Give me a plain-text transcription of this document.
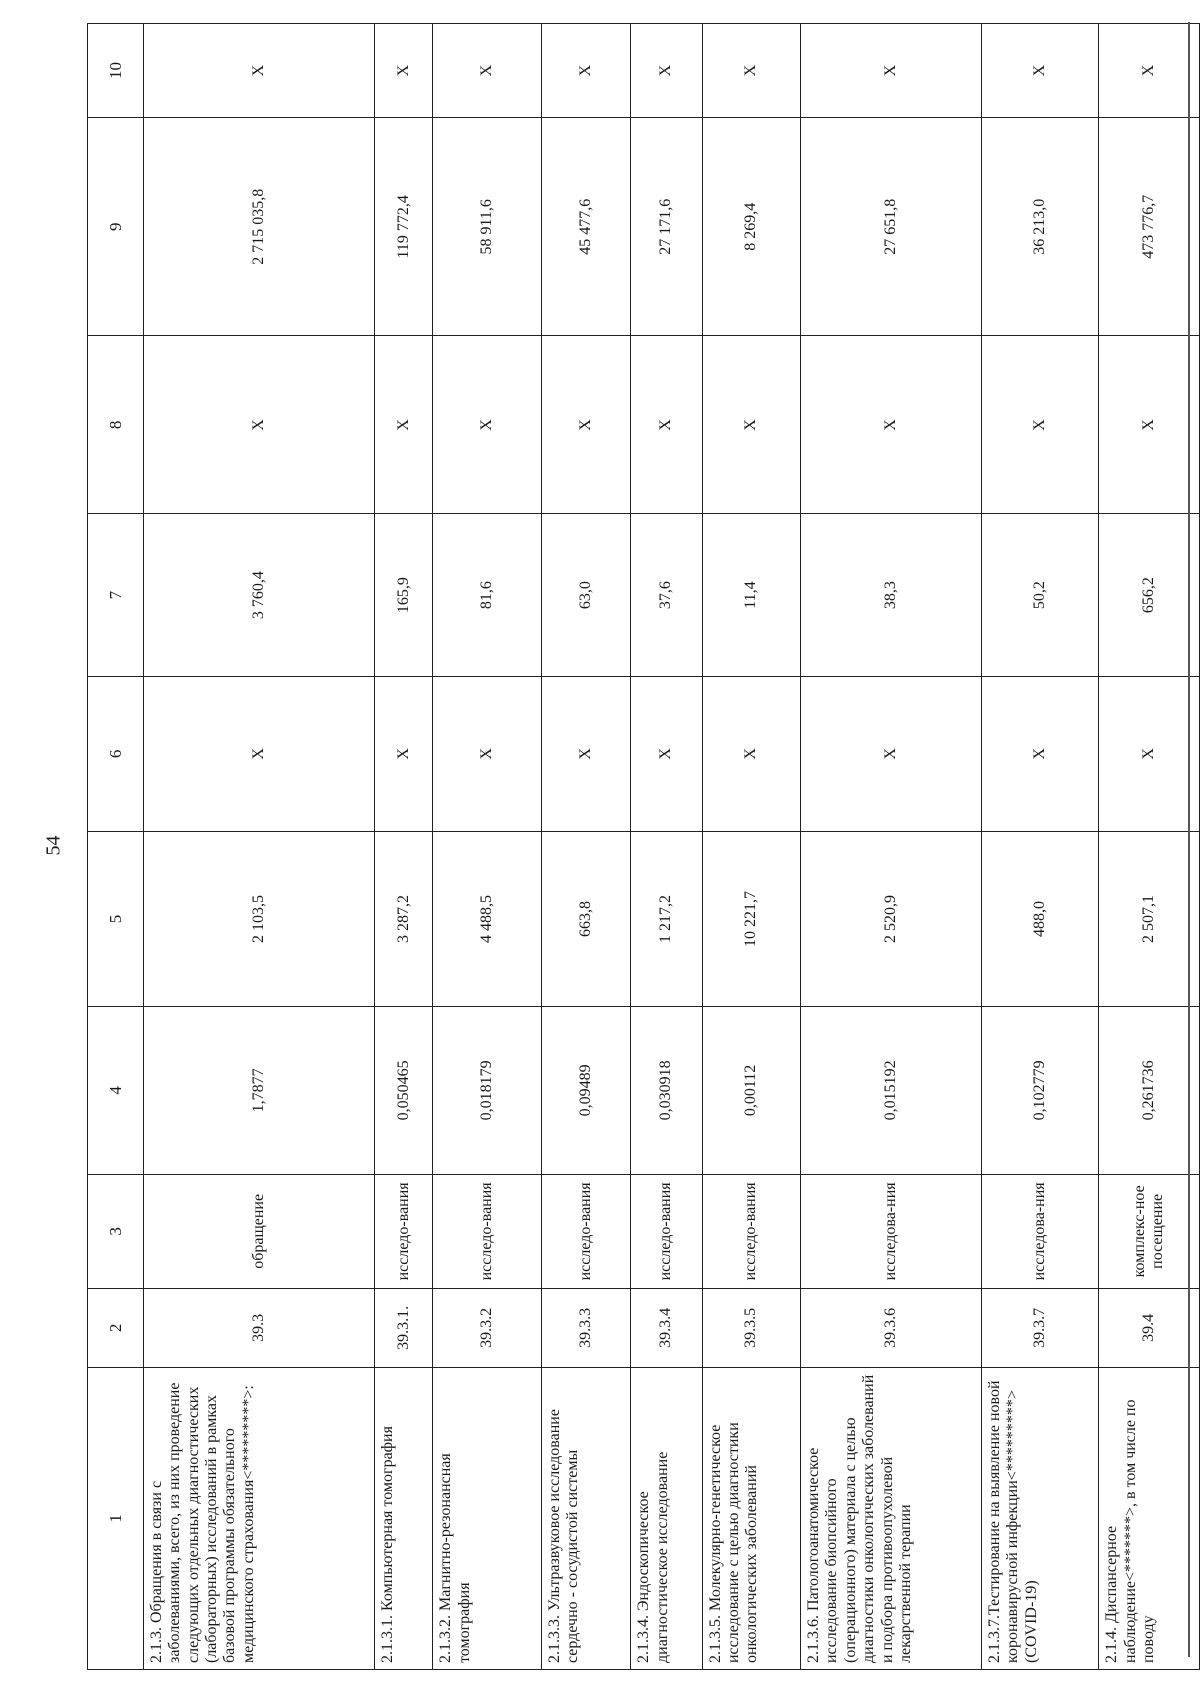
54
1	2	3	4	5	6	7	8	9	10
2.1.3. Обращения в связи с заболеваниями, всего, из них проведение следующих отдельных диагностических (лабораторных) исследований в рамках базовой программы обязательного медицинского страхования<*********>:	39.3	обращение	1,7877	2 103,5	X	3 760,4	X	2 715 035,8	X
2.1.3.1. Компьютерная томография	39.3.1.	исследо-вания	0,050465	3 287,2	X	165,9	X	119 772,4	X
2.1.3.2. Магнитно-резонансная томография	39.3.2	исследо-вания	0,018179	4 488,5	X	81,6	X	58 911,6	X
2.1.3.3. Ультразвуковое исследование сердечно - сосудистой системы	39.3.3	исследо-вания	0,09489	663,8	X	63,0	X	45 477,6	X
2.1.3.4. Эндоскопическое диагностическое исследование	39.3.4	исследо-вания	0,030918	1 217,2	X	37,6	X	27 171,6	X
2.1.3.5. Молекулярно-генетическое исследование с целью диагностики онкологических заболеваний	39.3.5	исследо-вания	0,00112	10 221,7	X	11,4	X	8 269,4	X
2.1.3.6. Патологоанатомическое исследование биопсийного (операционного) материала с целью диагностики онкологических заболеваний и подбора противоопухолевой лекарственной терапии	39.3.6	исследова-ния	0,015192	2 520,9	X	38,3	X	27 651,8	X
2.1.3.7.Тестирование на выявление новой коронавирусной инфекции<*********> (COVID-19)	39.3.7	исследова-ния	0,102779	488,0	X	50,2	X	36 213,0	X
2.1.4. Диспансерное наблюдение<*******>, в том числе по поводу	39.4	комплекс-ное посещение	0,261736	2 507,1	X	656,2	X	473 776,7	X
